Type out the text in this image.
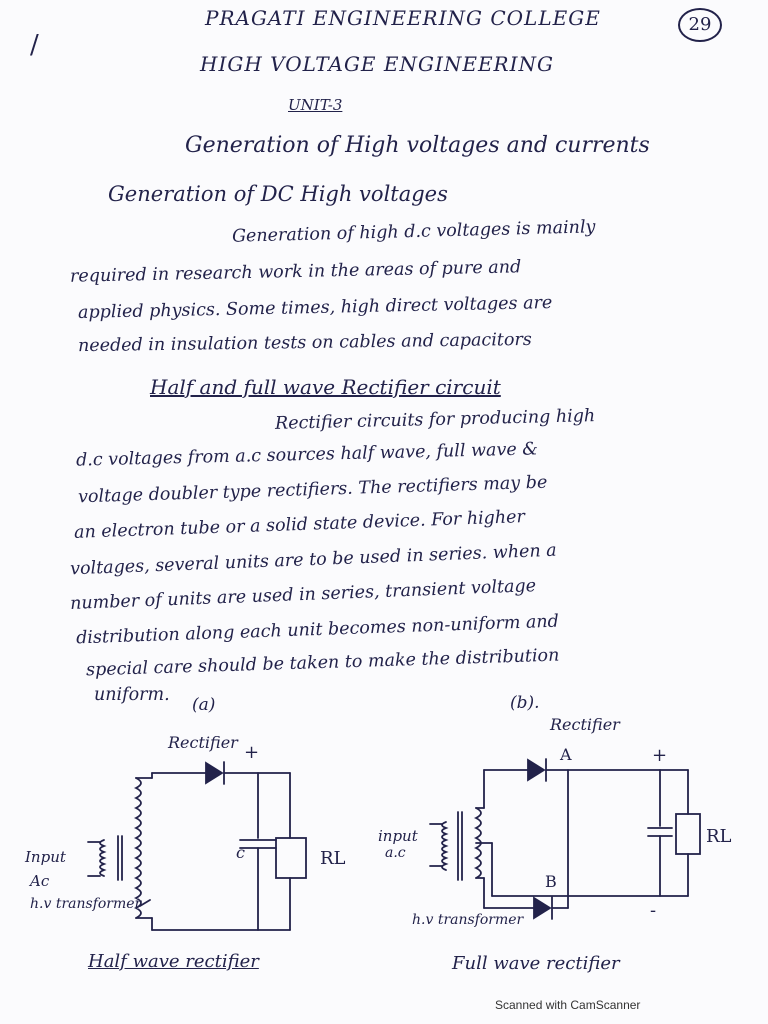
/
PRAGATI ENGINEERING COLLEGE	29
HIGH VOLTAGE ENGINEERING
UNIT-3
Generation of High voltages and currents
Generation of DC High voltages
Generation of high d.c voltages is mainly
required in research work in the areas of pure and
applied physics. Some times, high direct voltages are
needed in insulation tests on cables and capacitors
Half and full wave Rectifier circuit
Rectifier circuits for producing high
d.c voltages from a.c sources half wave, full wave &
voltage doubler type rectifiers. The rectifiers may be
an electron tube or a solid state device. For higher
voltages, several units are to be used in series. when a
number of units are used in series, transient voltage
distribution along each unit becomes non-uniform and
special care should be taken to make the distribution
uniform. (a)
Rectifier +
c	RL
Input
Ac
h.v transformer
Half wave rectifier
(b).
Rectifier
A
B
+
-
RL
input
a.c
h.v transformer
Full wave rectifier
Scanned with CamScanner
